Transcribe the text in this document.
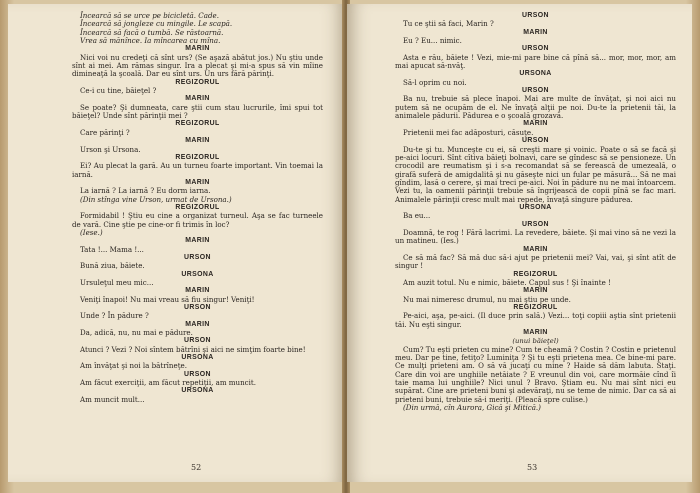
Încearcă să se urce pe bicicletă. Cade.

Încearcă să jongleze cu mingile. Le scapă.

Încearcă să facă o tumbă. Se răstoarnă.

Vrea să mănînce. Ia mîncarea cu mîna.

MARIN

Nici voi nu credeţi că sînt urs? (Se aşază abătut jos.) Nu ştiu unde sînt ai mei. Am rămas singur. Ira a plecat şi mi-a spus să vin mîine dimineaţă la şcoală. Dar eu sînt urs. Un urs fără părinţi.

REGIZORUL

Ce-i cu tine, băieţel ?

MARIN

Se poate? Şi dumneata, care ştii cum stau lucrurile, îmi spui tot băieţel? Unde sînt părinţii mei ?

REGIZORUL

Care părinţi ?

MARIN

Urson şi Ursona.

REGIZORUL

Ei? Au plecat la gară. Au un turneu foarte important. Vin toemai la iarnă.

MARIN

La iarnă ? La iarnă ? Eu dorm iarna.

(Din stînga vine Urson, urmat de Ursona.)

REGIZORUL

Formidabil ! Ştiu eu cine a organizat turneul. Aşa se fac turneele de vară. Cine ştie pe cine-or fi trimis în loc?

(Iese.)

MARIN

Tata !... Mama !...

URSON

Bună ziua, băiete.

URSONA

Ursuleţul meu mic...

MARIN

Veniţi înapoi! Nu mai vreau să fiu singur! Veniţi!

URSON

Unde ? În pădure ?

MARIN

Da, adică, nu, nu mai e pădure.

URSON

Atunci ? Vezi ? Noi sîntem bătrîni şi aici ne simţim foarte bine!

URSONA

Am învăţat şi noi la bătrîneţe.

URSON

Am făcut exerciţii, am făcut repetiţii, am muncit.

URSONA

Am muncit mult...

52

URSON

Tu ce ştii să faci, Marin ?

MARIN

Eu ? Eu... nimic.

URSON

Asta e rău, băiete ! Vezi, mie-mi pare bine că pînă să... mor, mor, mor, am mai apucat să-nvăţ.

URSONA

Să-l oprim cu noi.

URSON

Ba nu, trebuie să plece înapoi. Mai are multe de învăţat, şi noi aici nu putem să ne ocupăm de el. Ne învaţă alţii pe noi. Du-te la prietenii tăi, la animalele pădurii. Pădurea e o şcoală grozavă.

MARIN

Prietenii mei fac adăposturi, căsuţe.

URSON

Du-te şi tu. Munceşte cu ei, să creşti mare şi voinic. Poate o să se facă şi pe-aici locuri. Sînt cîtiva băieţi bolnavi, care se gîndesc să se pensioneze. Un crocodil are reumatism şi i s-a recomandat să se ferească de umezeală, o girafă suferă de amigdalită şi nu găseşte nici un fular pe măsură... Să ne mai gîndim, lasă o cerere, şi mai treci pe-aici. Noi în pădure nu ne mai întoarcem. Vezi tu, la oamenii părinţii trebuie să îngrijească de copii pînă se fac mari. Animalele părinţii cresc mult mai repede, învaţă singure pădurea.

URSONA

Ba eu...

URSON

Doamnă, te rog ! Fără lacrimi. La revedere, băiete. Şi mai vino să ne vezi la un matineu. (Ies.)

MARIN

Ce să mă fac? Să mă duc să-i ajut pe prietenii mei? Vai, vai, şi sînt atît de singur !

REGIZORUL

Am auzit totul. Nu e nimic, băiete. Capul sus ! Şi înainte !

MARIN

Nu mai nimeresc drumul, nu mai ştiu pe unde.

REGIZORUL

Pe-aici, aşa, pe-aici. (Il duce prin sală.) Vezi... toţi copiii aştia sînt prietenii tăi. Nu eşti singur.

MARIN

(unui băieţel)

Cum? Tu eşti prieten cu mine? Cum te cheamă ? Costin ? Costin e prietenul meu. Dar pe tine, fetiţo? Luminiţa ? Şi tu eşti prietena mea. Ce bine-mi pare. Ce mulţi prieteni am. O să vă jucaţi cu mine ? Haide să dăm labuta. Staţi. Care din voi are unghiile netăiate ? E vreunul din voi, care mormăie cînd îi taie mama lui unghiile? Nici unul ? Bravo. Ştiam eu. Nu mai sînt nici eu supărat. Cine are prieteni buni şi adevăraţi, nu se teme de nimic. Dar ca să ai prieteni buni, trebuie să-i meriţi. (Pleacă spre culise.)

(Din urmă, cîn Aurora, Gică şi Mitică.)

53
